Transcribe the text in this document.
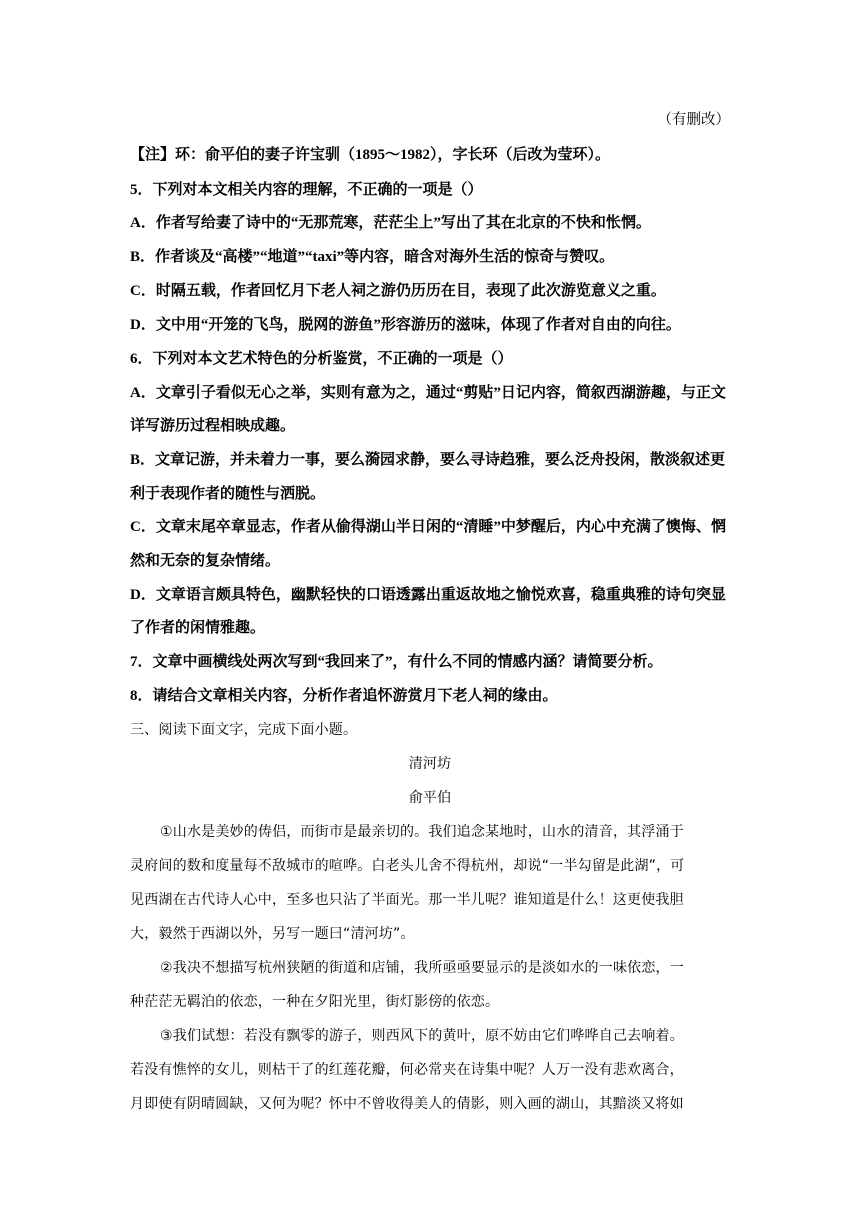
（有删改）
【注】环：俞平伯的妻子许宝驯（1895～1982），字长环（后改为莹环）。
5．下列对本文相关内容的理解，不正确的一项是（）
A．作者写给妻了诗中的“无那荒寒，茫茫尘上”写出了其在北京的不快和怅惘。
B．作者谈及“高楼”“地道”“taxi”等内容，暗含对海外生活的惊奇与赞叹。
C．时隔五载，作者回忆月下老人祠之游仍历历在目，表现了此次游览意义之重。
D．文中用“开笼的飞鸟，脱网的游鱼”形容游历的滋味，体现了作者对自由的向往。
6．下列对本文艺术特色的分析鉴赏，不正确的一项是（）
A．文章引子看似无心之举，实则有意为之，通过“剪贴”日记内容，简叙西湖游趣，与正文
详写游历过程相映成趣。
B．文章记游，并未着力一事，要么漪园求静，要么寻诗趋雅，要么泛舟投闲，散淡叙述更
利于表现作者的随性与洒脱。
C．文章末尾卒章显志，作者从偷得湖山半日闲的“清睡”中梦醒后，内心中充满了懊悔、惘
然和无奈的复杂情绪。
D．文章语言颇具特色，幽默轻快的口语透露出重返故地之愉悦欢喜，稳重典雅的诗句突显
了作者的闲情雅趣。
7．文章中画横线处两次写到“我回来了”，有什么不同的情感内涵？请简要分析。
8．请结合文章相关内容，分析作者追怀游赏月下老人祠的缘由。
三、阅读下面文字，完成下面小题。
清河坊
俞平伯
①山水是美妙的俦侣，而街市是最亲切的。我们追念某地时，山水的清音，其浮涌于
灵府间的数和度量每不敌城市的喧哗。白老头儿舍不得杭州，却说“一半勾留是此湖”，可
见西湖在古代诗人心中，至多也只沾了半面光。那一半儿呢？谁知道是什么！这更使我胆
大，毅然于西湖以外，另写一题曰“清河坊”。
②我决不想描写杭州狭陋的街道和店铺，我所亟亟要显示的是淡如水的一味依恋，一
种茫茫无羁泊的依恋，一种在夕阳光里，街灯影傍的依恋。
③我们试想：若没有飘零的游子，则西风下的黄叶，原不妨由它们哗哗自己去响着。
若没有憔悴的女儿，则枯干了的红莲花瓣，何必常夹在诗集中呢？人万一没有悲欢离合，
月即使有阴晴圆缺，又何为呢？怀中不曾收得美人的倩影，则入画的湖山，其黯淡又将如
